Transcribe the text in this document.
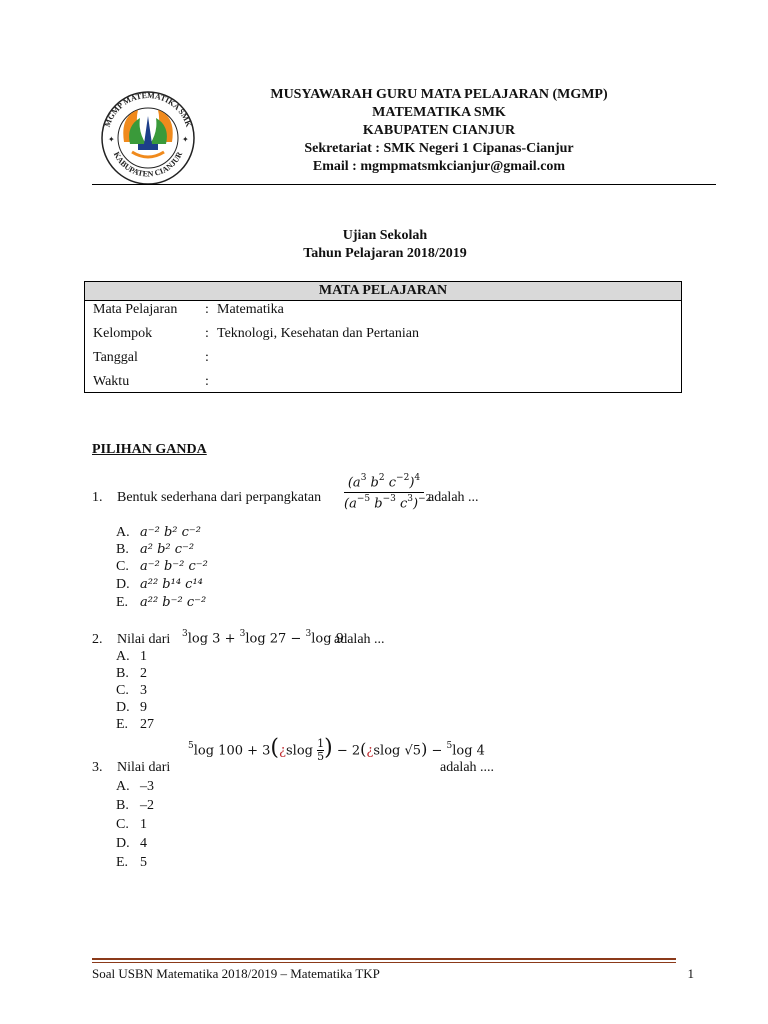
MGMP MATEMATIKA SMK
KABUPATEN CIANJUR
✦	✦
MUSYAWARAH GURU MATA PELAJARAN (MGMP)
MATEMATIKA SMK
KABUPATEN CIANJUR
Sekretariat : SMK Negeri 1 Cipanas-Cianjur
Email : mgmpmatsmkcianjur@gmail.com
Ujian Sekolah
Tahun Pelajaran 2018/2019
MATA PELAJARAN
Mata Pelajaran	: Matematika
Kelompok	: Teknologi, Kesehatan dan Pertanian
Tanggal	:
Waktu	:
PILIHAN GANDA
1. Bentuk sederhana dari perpangkatan
($a^3$ $b^2$ $c^{-2})^4$
($a^{-5}$ $b^{-3}$ $c^3)^{-2}$
adalah ...
A. a⁻² b² c⁻²
B. a² b² c⁻²
C. a⁻² b⁻² c⁻²
D. a²² b¹⁴ c¹⁴
E. a²² b⁻² c⁻²
2. Nilai dari $^3$log 3 + $^3$log 27 − $^3$log 9
adalah ...
A. 1
B. 2
C. 3
D. 9
E. 27
$^5$log 100 + 3(¿slog 1

5 ) − 2(¿slog √5) − $^5$log 4
3. Nilai dari	adalah ....
A. –3
B. –2
C. 1
D. 4
E. 5
Soal USBN Matematika 2018/2019 – Matematika TKP	1
